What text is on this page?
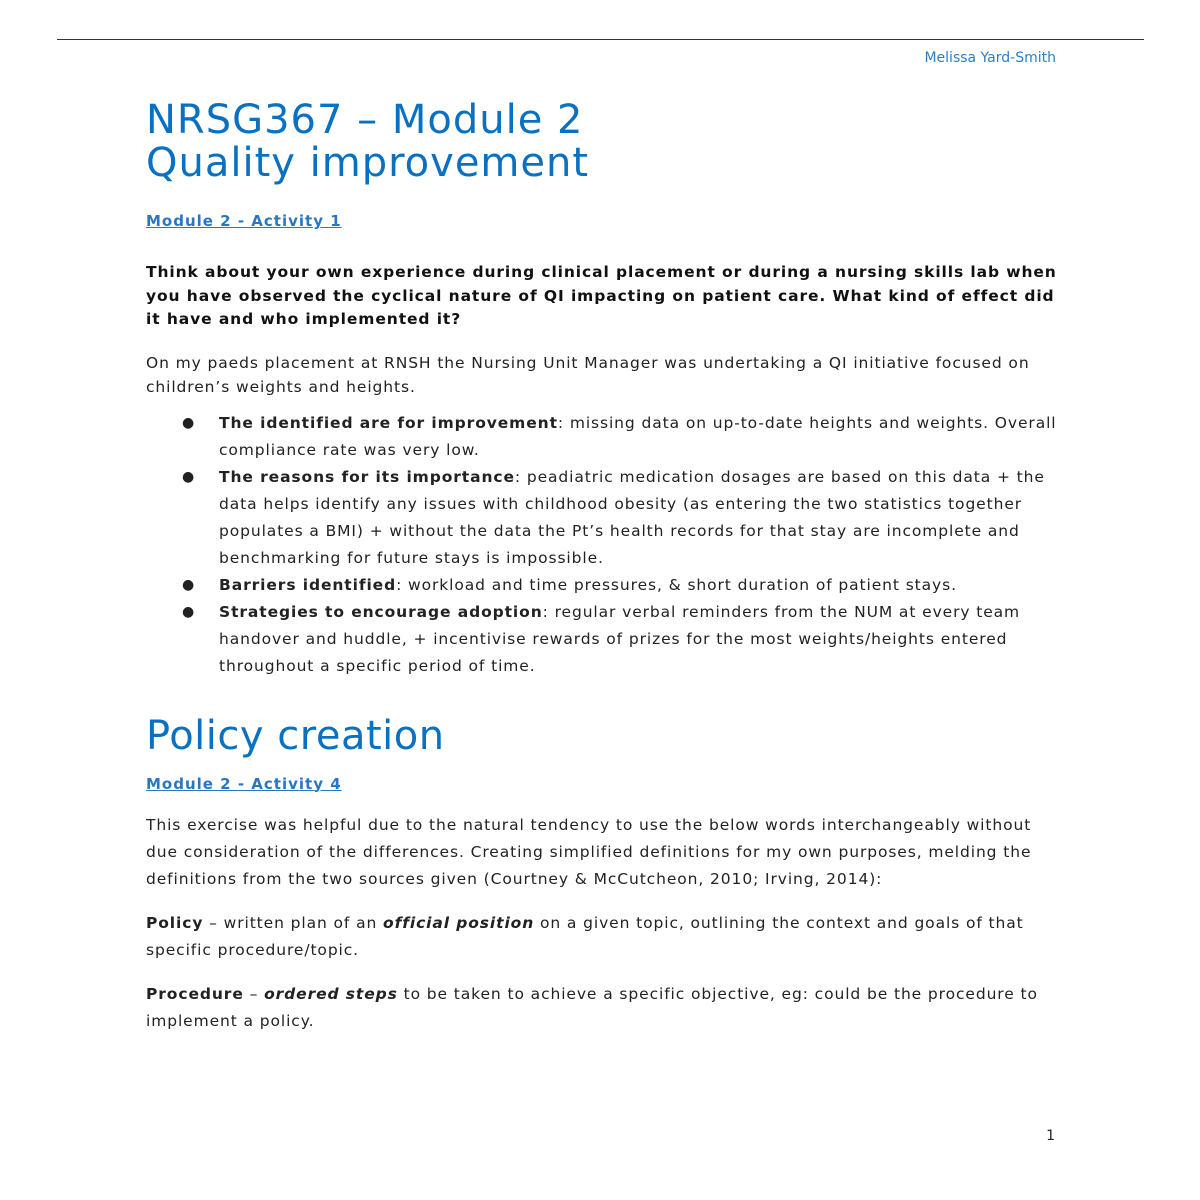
Melissa Yard-Smith
NRSG367 – Module 2
Quality improvement
Module 2 - Activity 1

Think about your own experience during clinical placement or during a nursing skills lab when you have observed the cyclical nature of QI impacting on patient care. What kind of effect did it have and who implemented it?

On my paeds placement at RNSH the Nursing Unit Manager was undertaking a QI initiative focused on children’s weights and heights.

● The identified are for improvement: missing data on up-to-date heights and weights. Overall compliance rate was very low.
● The reasons for its importance: peadiatric medication dosages are based on this data + the data helps identify any issues with childhood obesity (as entering the two statistics together populates a BMI) + without the data the Pt’s health records for that stay are incomplete and benchmarking for future stays is impossible.
● Barriers identified: workload and time pressures, & short duration of patient stays.
● Strategies to encourage adoption: regular verbal reminders from the NUM at every team handover and huddle, + incentivise rewards of prizes for the most weights/heights entered throughout a specific period of time.
Policy creation
Module 2 - Activity 4

This exercise was helpful due to the natural tendency to use the below words interchangeably without due consideration of the differences. Creating simplified definitions for my own purposes, melding the definitions from the two sources given (Courtney & McCutcheon, 2010; Irving, 2014):

Policy – written plan of an official position on a given topic, outlining the context and goals of that specific procedure/topic.

Procedure – ordered steps to be taken to achieve a specific objective, eg: could be the procedure to implement a policy.

1
